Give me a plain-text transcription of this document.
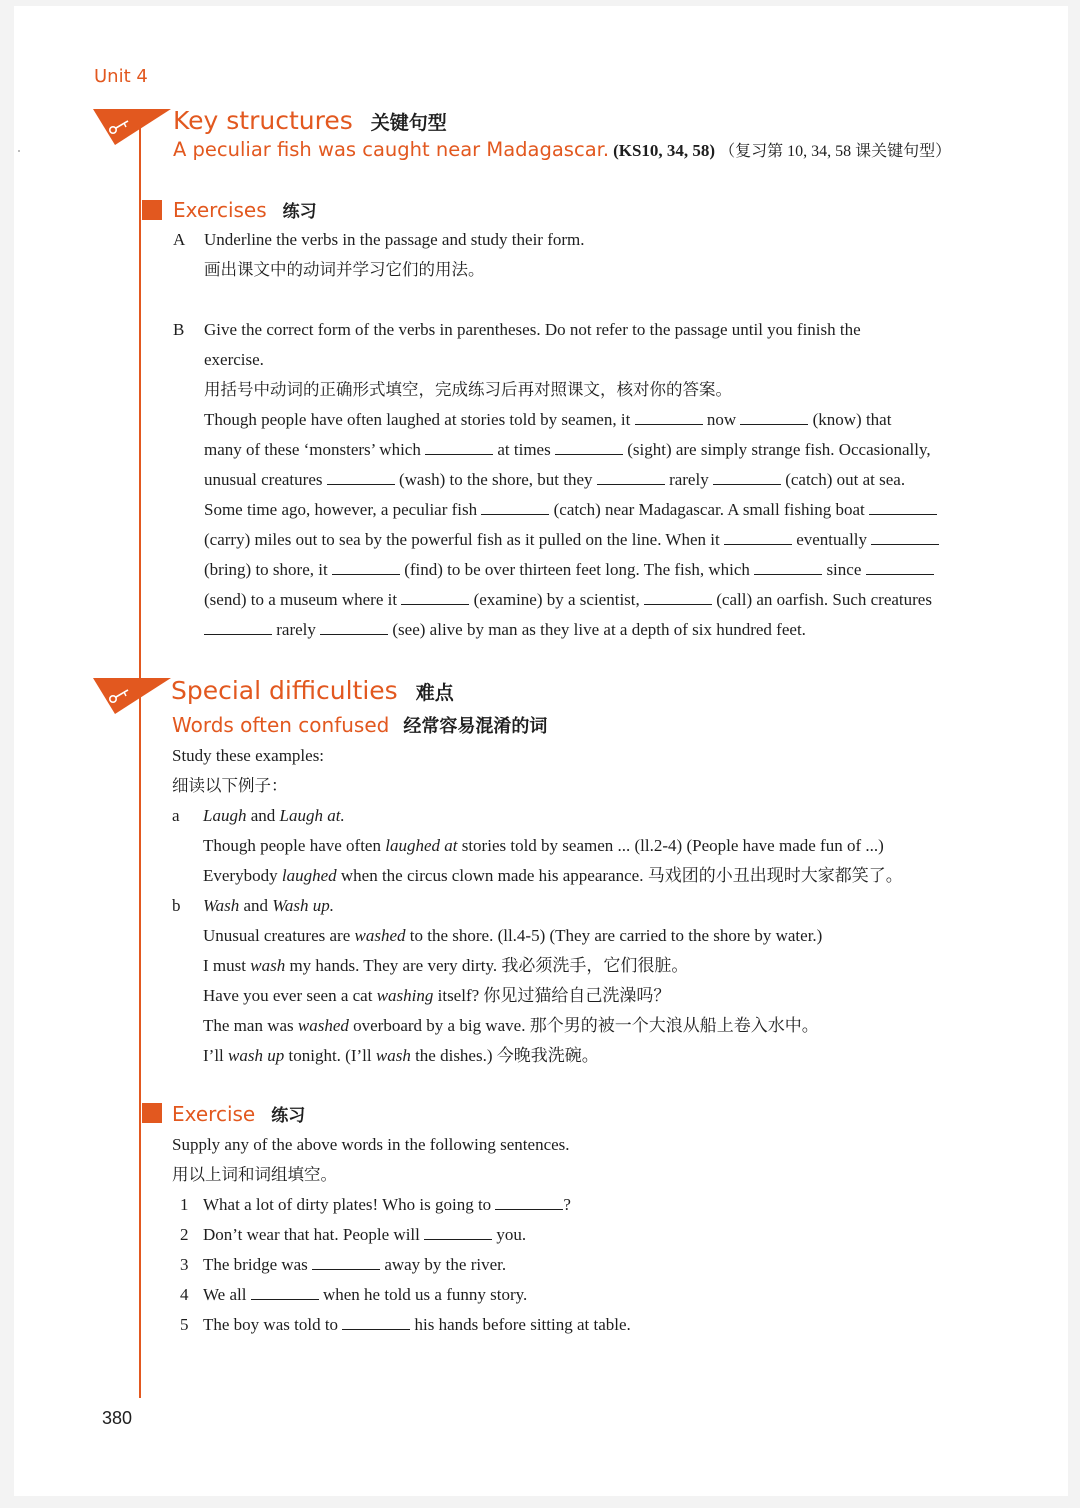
Unit 4
Key structures 关键句型
A peculiar fish was caught near Madagascar. (KS10, 34, 58) （复习第 10, 34, 58 课关键句型）
Exercises 练习
A Underline the verbs in the passage and study their form.
画出课文中的动词并学习它们的用法。
B Give the correct form of the verbs in parentheses. Do not refer to the passage until you finish the
exercise.
用括号中动词的正确形式填空，完成练习后再对照课文，核对你的答案。
Though people have often laughed at stories told by seamen, it	now	(know) that
many of these ‘monsters’ which	at times	(sight) are simply strange fish. Occasionally,
unusual creatures	(wash) to the shore, but they	rarely	(catch) out at sea.
Some time ago, however, a peculiar fish	(catch) near Madagascar. A small fishing boat
(carry) miles out to sea by the powerful fish as it pulled on the line. When it	eventually
(bring) to shore, it	(find) to be over thirteen feet long. The fish, which	since
(send) to a museum where it	(examine) by a scientist,	(call) an oarfish. Such creatures
rarely	(see) alive by man as they live at a depth of six hundred feet.
Special difficulties 难点
Words often confused 经常容易混淆的词
Study these examples:
细读以下例子：
a Laugh and Laugh at.
Though people have often laughed at stories told by seamen ... (ll.2-4) (People have made fun of ...)
Everybody laughed when the circus clown made his appearance. 马戏团的小丑出现时大家都笑了。
b Wash and Wash up.
Unusual creatures are washed to the shore. (ll.4-5) (They are carried to the shore by water.)
I must wash my hands. They are very dirty. 我必须洗手，它们很脏。
Have you ever seen a cat washing itself? 你见过猫给自己洗澡吗？
The man was washed overboard by a big wave. 那个男的被一个大浪从船上卷入水中。
I’ll wash up tonight. (I’ll wash the dishes.) 今晚我洗碗。
Exercise 练习
Supply any of the above words in the following sentences.
用以上词和词组填空。
1 What a lot of dirty plates! Who is going to	?
2 Don’t wear that hat. People will	you.
3 The bridge was	away by the river.
4 We all	when he told us a funny story.
5 The boy was told to	his hands before sitting at table.
380
